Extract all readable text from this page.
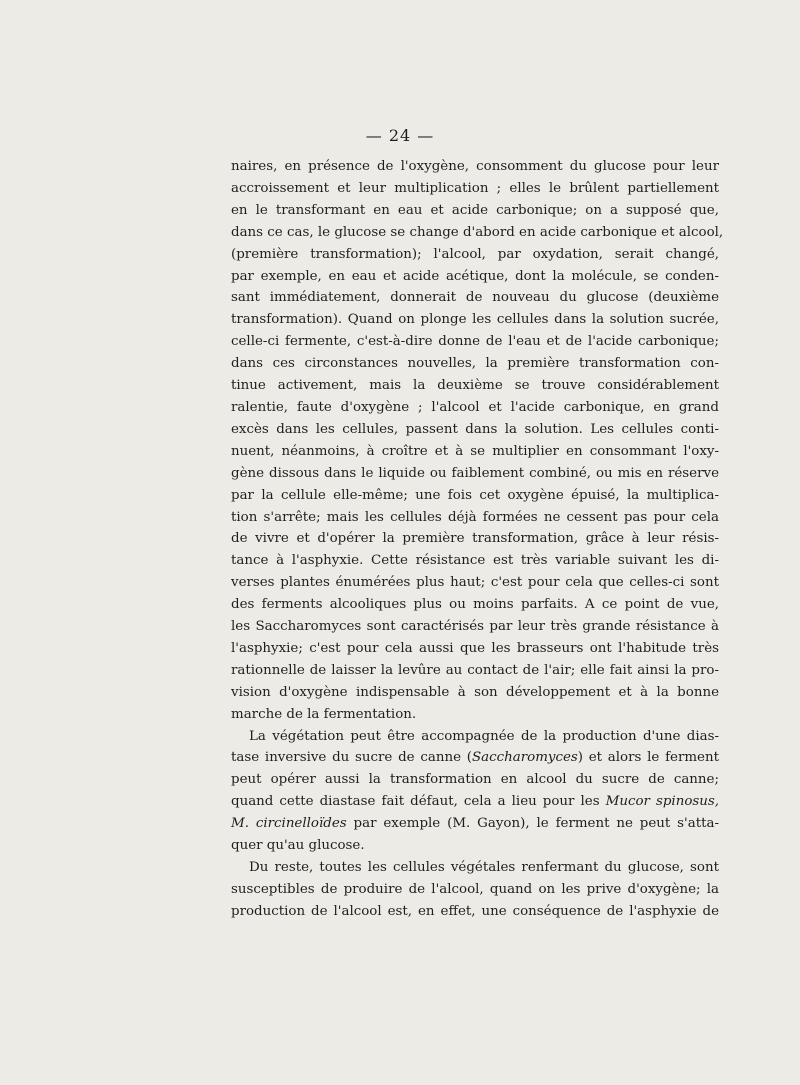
— 24 —
naires, en présence de l'oxygène, consomment du glucose pour leur
accroissement et leur multiplication ; elles le brûlent partiellement
en le transformant en eau et acide carbonique; on a supposé que,
dans ce cas, le glucose se change d'abord en acide carbonique et alcool,
(première transformation); l'alcool, par oxydation, serait changé,
par exemple, en eau et acide acétique, dont la molécule, se conden-
sant immédiatement, donnerait de nouveau du glucose (deuxième
transformation). Quand on plonge les cellules dans la solution sucrée,
celle-ci fermente, c'est-à-dire donne de l'eau et de l'acide carbonique;
dans ces circonstances nouvelles, la première transformation con-
tinue activement, mais la deuxième se trouve considérablement
ralentie, faute d'oxygène ; l'alcool et l'acide carbonique, en grand
excès dans les cellules, passent dans la solution. Les cellules conti-
nuent, néanmoins, à croître et à se multiplier en consommant l'oxy-
gène dissous dans le liquide ou faiblement combiné, ou mis en réserve
par la cellule elle-même; une fois cet oxygène épuisé, la multiplica-
tion s'arrête; mais les cellules déjà formées ne cessent pas pour cela
de vivre et d'opérer la première transformation, grâce à leur résis-
tance à l'asphyxie. Cette résistance est très variable suivant les di-
verses plantes énumérées plus haut; c'est pour cela que celles-ci sont
des ferments alcooliques plus ou moins parfaits. A ce point de vue,
les Saccharomyces sont caractérisés par leur très grande résistance à
l'asphyxie; c'est pour cela aussi que les brasseurs ont l'habitude très
rationnelle de laisser la levûre au contact de l'air; elle fait ainsi la pro-
vision d'oxygène indispensable à son développement et à la bonne
marche de la fermentation.
La végétation peut être accompagnée de la production d'une dias-
tase inversive du sucre de canne (Saccharomyces) et alors le ferment
peut opérer aussi la transformation en alcool du sucre de canne;
quand cette diastase fait défaut, cela a lieu pour les Mucor spinosus,
M. circinelloïdes par exemple (M. Gayon), le ferment ne peut s'atta-
quer qu'au glucose.
Du reste, toutes les cellules végétales renfermant du glucose, sont
susceptibles de produire de l'alcool, quand on les prive d'oxygène; la
production de l'alcool est, en effet, une conséquence de l'asphyxie de
